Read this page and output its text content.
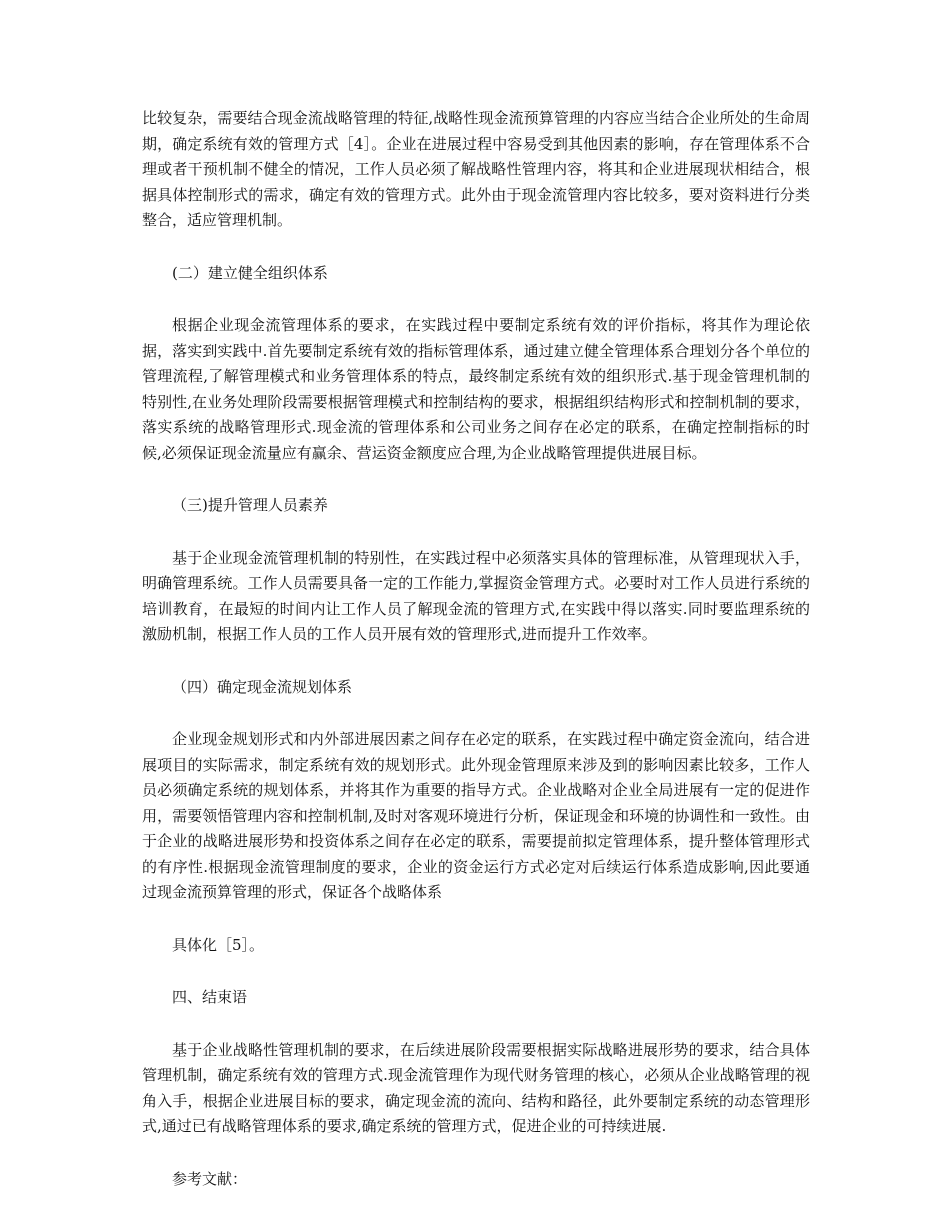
比较复杂，需要结合现金流战略管理的特征,战略性现金流预算管理的内容应当结合企业所处的生命周期，确定系统有效的管理方式［4］。企业在进展过程中容易受到其他因素的影响，存在管理体系不合理或者干预机制不健全的情况，工作人员必须了解战略性管理内容，将其和企业进展现状相结合，根据具体控制形式的需求，确定有效的管理方式。此外由于现金流管理内容比较多，要对资料进行分类整合，适应管理机制。

(二）建立健全组织体系

根据企业现金流管理体系的要求，在实践过程中要制定系统有效的评价指标，将其作为理论依据，落实到实践中.首先要制定系统有效的指标管理体系，通过建立健全管理体系合理划分各个单位的管理流程,了解管理模式和业务管理体系的特点，最终制定系统有效的组织形式.基于现金管理机制的特别性,在业务处理阶段需要根据管理模式和控制结构的要求，根据组织结构形式和控制机制的要求，落实系统的战略管理形式.现金流的管理体系和公司业务之间存在必定的联系，在确定控制指标的时候,必须保证现金流量应有赢余、营运资金额度应合理,为企业战略管理提供进展目标。

（三)提升管理人员素养

基于企业现金流管理机制的特别性，在实践过程中必须落实具体的管理标准，从管理现状入手，明确管理系统。工作人员需要具备一定的工作能力,掌握资金管理方式。必要时对工作人员进行系统的培训教育，在最短的时间内让工作人员了解现金流的管理方式,在实践中得以落实.同时要监理系统的激励机制，根据工作人员的工作人员开展有效的管理形式,进而提升工作效率。

（四）确定现金流规划体系

企业现金规划形式和内外部进展因素之间存在必定的联系，在实践过程中确定资金流向，结合进展项目的实际需求，制定系统有效的规划形式。此外现金管理原来涉及到的影响因素比较多，工作人员必须确定系统的规划体系，并将其作为重要的指导方式。企业战略对企业全局进展有一定的促进作用，需要领悟管理内容和控制机制,及时对客观环境进行分析，保证现金和环境的协调性和一致性。由于企业的战略进展形势和投资体系之间存在必定的联系，需要提前拟定管理体系，提升整体管理形式的有序性.根据现金流管理制度的要求，企业的资金运行方式必定对后续运行体系造成影响,因此要通过现金流预算管理的形式，保证各个战略体系

具体化［5］。

四、结束语

基于企业战略性管理机制的要求，在后续进展阶段需要根据实际战略进展形势的要求，结合具体管理机制，确定系统有效的管理方式.现金流管理作为现代财务管理的核心，必须从企业战略管理的视角入手，根据企业进展目标的要求，确定现金流的流向、结构和路径，此外要制定系统的动态管理形式,通过已有战略管理体系的要求,确定系统的管理方式，促进企业的可持续进展.

参考文献：
